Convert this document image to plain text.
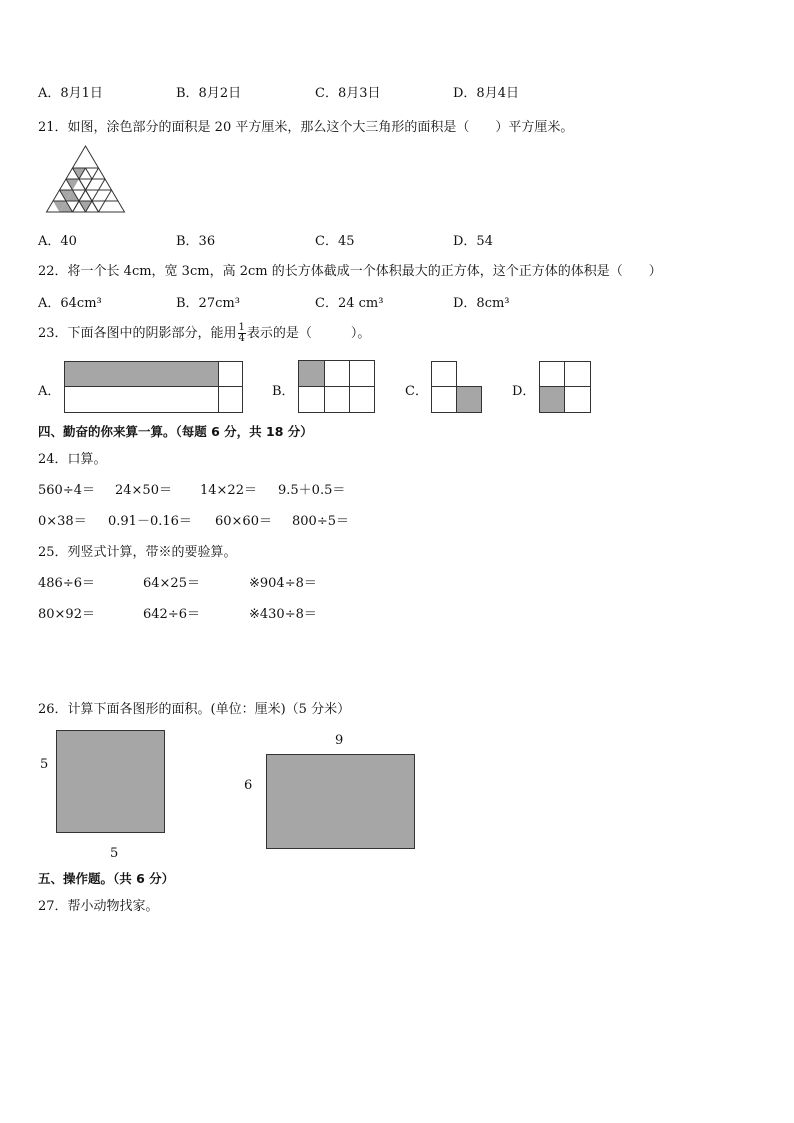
A．8月1日	B．8月2日	C．8月3日	D．8月4日
21．如图，涂色部分的面积是 20 平方厘米，那么这个大三角形的面积是（　　）平方厘米。
A．40	B．36	C．45	D．54
22．将一个长 4cm，宽 3cm，高 2cm 的长方体截成一个体积最大的正方体，这个正方体的体积是（　　）
A．64cm³	B．27cm³	C．24 cm³	D．8cm³
23．下面各图中的阴影部分，能用 $\frac{1}{4}$ 表示的是（　　　）。
A．	B．	C．	D．
四、勤奋的你来算一算。（每题 6 分，共 18 分）
24．口算。
560÷4＝ 24×50＝ 14×22＝ 9.5＋0.5＝
0×38＝ 0.91－0.16＝ 60×60＝ 800÷5＝
25．列竖式计算，带※的要验算。
486÷6＝	64×25＝	※904÷8＝
80×92＝	642÷6＝	※430÷8＝
26．计算下面各图形的面积。(单位：厘米)（5 分米）
5
5
9
6
五、操作题。（共 6 分）
27．帮小动物找家。
